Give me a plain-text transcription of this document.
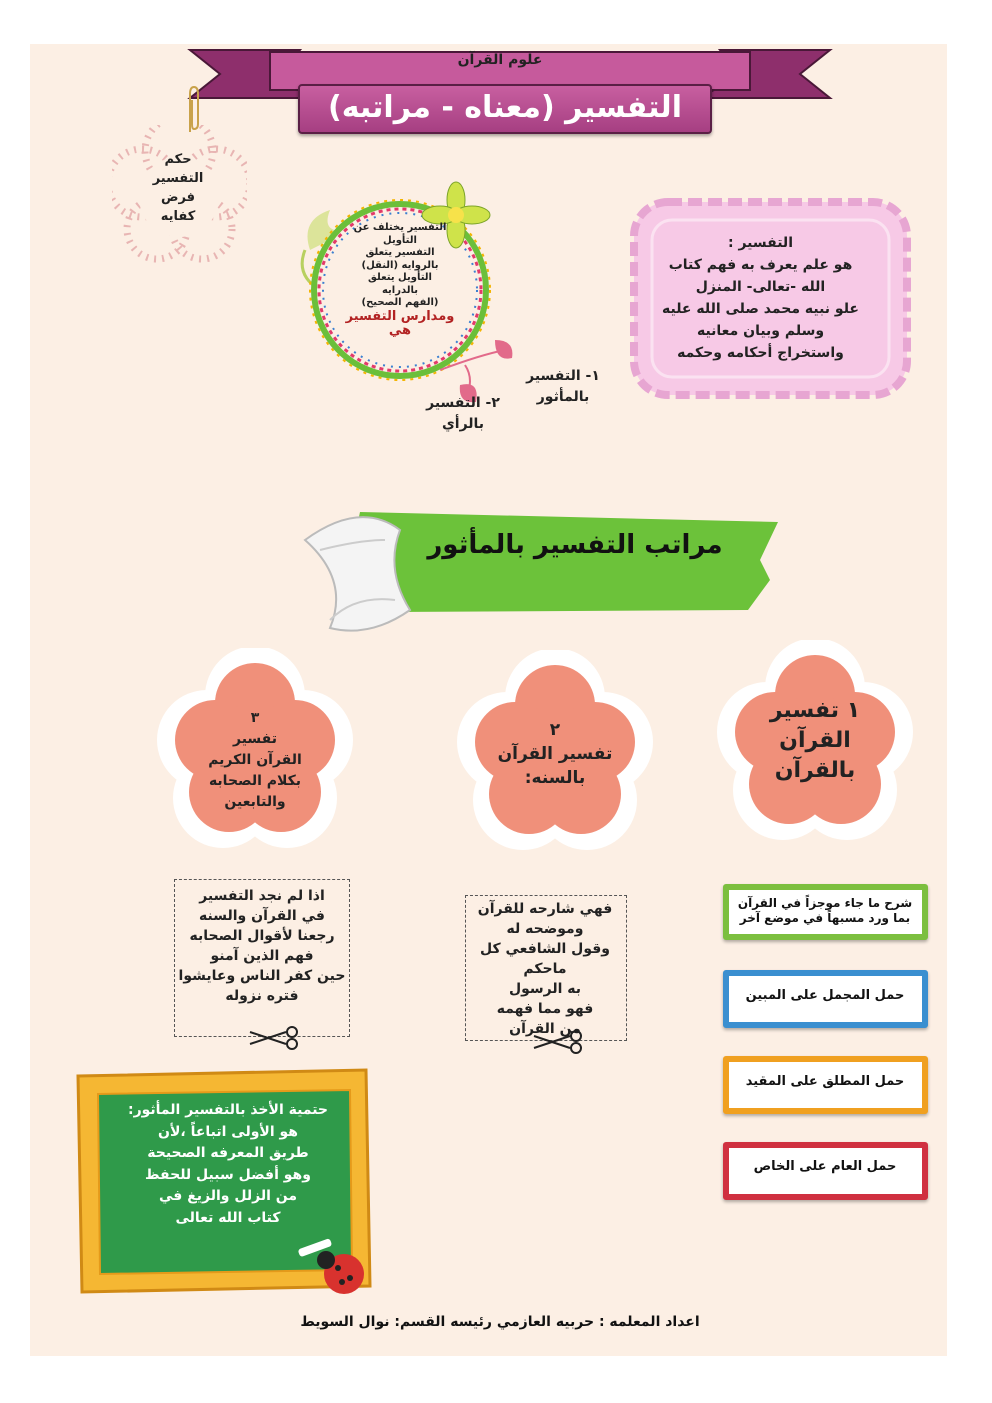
علوم القرآن
التفسير (معناه - مراتبه)
حكم
التفسير
فرض
كفايه
التفسير :
هو علم يعرف به فهم كتاب
الله -تعالى- المنزل
علو نبيه محمد صلى الله عليه
وسلم وبيان معانيه
واستخراج أحكامه وحكمه
التفسير يختلف عن
التأويل
التفسير يتعلق
بالروايه (النقل)
التأويل يتعلق
بالدرايه
(الفهم الصحيح)
ومدارس التفسير
هي
١- التفسير
بالمأثور
٢- التفسير
بالرأي
مراتب التفسير بالمأثور
١ تفسير
القرآن
بالقرآن
٢
تفسير القرآن
بالسنه:
٣
تفسير
القرآن الكريم
بكلام الصحابه
والتابعين
اذا لم نجد التفسير
في القرآن والسنه
رجعنا لأقوال الصحابه
فهم الذين آمنو
حين كفر الناس وعايشوا
فتره نزوله
فهي شارحه للقرآن
وموضحه له
وقول الشافعي كل ماحكم
به الرسول
فهو مما فهمه
من القرآن
شرح ما جاء موجزاً في القرآن بما ورد مسبهاً في موضع آخر
حمل المجمل على المبين
حمل المطلق على المقيد
حمل العام على الخاص
حتمية الأخذ بالتفسير المأثور:
هو الأولى اتباعاً ،لأن
طريق المعرفه الصحيحة
وهو أفضل سبيل للحفظ
من الزلل والزيغ في
كتاب الله تعالى
اعداد المعلمه : حربيه العازمي رئيسه القسم: نوال السويط
